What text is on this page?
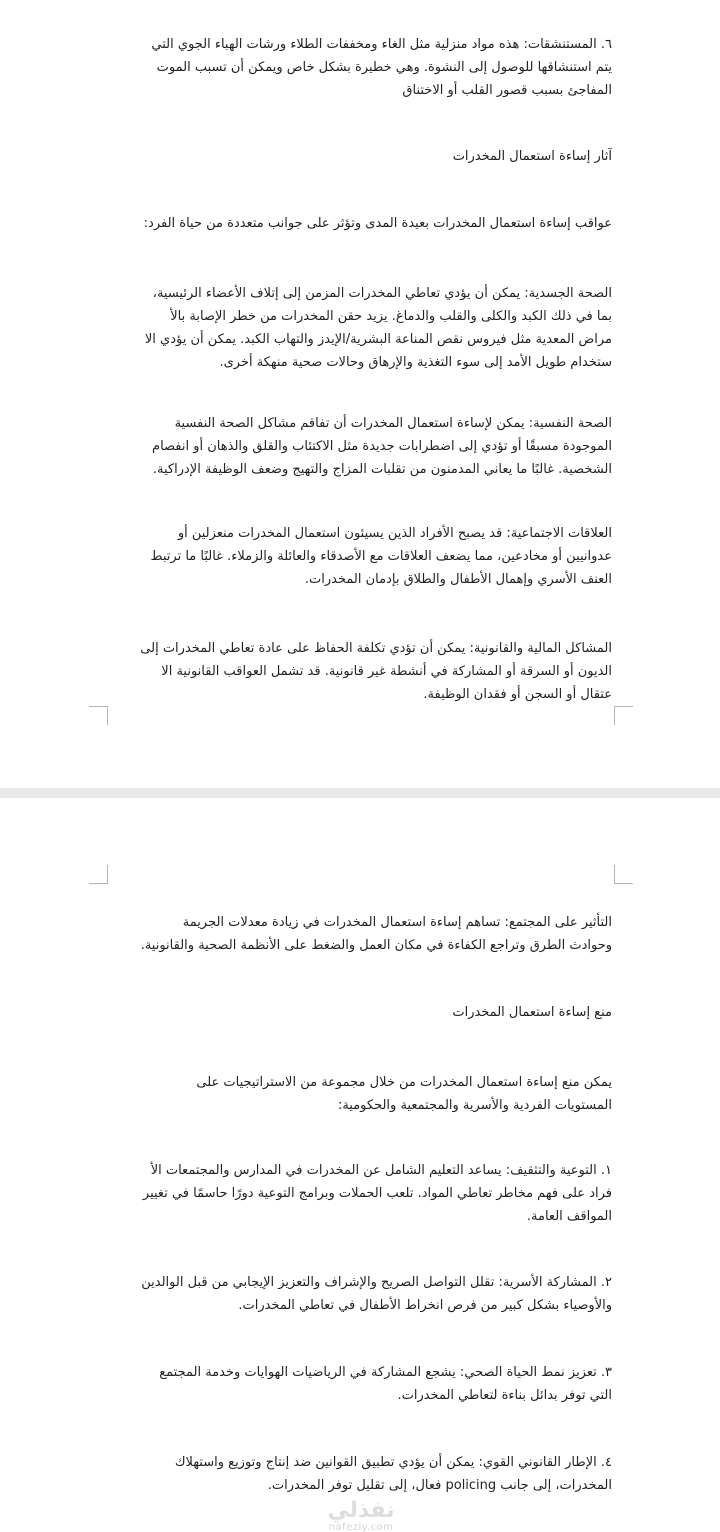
٦. المستنشقات: هذه مواد منزلية مثل الغاء ومخففات الطلاء ورشات الهباء الجوي التي
يتم استنشاقها للوصول إلى النشوة. وهي خطيرة بشكل خاص ويمكن أن تسبب الموت
المفاجئ بسبب قصور القلب أو الاختناق

آثار إساءة استعمال المخدرات

عواقب إساءة استعمال المخدرات بعيدة المدى وتؤثر على جوانب متعددة من حياة الفرد:

الصحة الجسدية: يمكن أن يؤدي تعاطي المخدرات المزمن إلى إتلاف الأعضاء الرئيسية،
بما في ذلك الكبد والكلى والقلب والدماغ. يزيد حقن المخدرات من خطر الإصابة بالأ
مراض المعدية مثل فيروس نقص المناعة البشرية/الإيدز والتهاب الكبد. يمكن أن يؤدي الا
ستخدام طويل الأمد إلى سوء التغذية والإرهاق وحالات صحية منهكة أخرى.

الصحة النفسية: يمكن لإساءة استعمال المخدرات أن تفاقم مشاكل الصحة النفسية
الموجودة مسبقًا أو تؤدي إلى اضطرابات جديدة مثل الاكتئاب والقلق والذهان أو انفصام
الشخصية. غالبًا ما يعاني المدمنون من تقلبات المزاج والتهيج وضعف الوظيفة الإدراكية.

العلاقات الاجتماعية: قد يصبح الأفراد الذين يسيئون استعمال المخدرات منعزلين أو
عدوانيين أو مخادعين، مما يضعف العلاقات مع الأصدقاء والعائلة والزملاء. غالبًا ما ترتبط
العنف الأسري وإهمال الأطفال والطلاق بإدمان المخدرات.

المشاكل المالية والقانونية: يمكن أن تؤدي تكلفة الحفاظ على عادة تعاطي المخدرات إلى
الديون أو السرقة أو المشاركة في أنشطة غير قانونية. قد تشمل العواقب القانونية الا
عتقال أو السجن أو فقدان الوظيفة.

التأثير على المجتمع: تساهم إساءة استعمال المخدرات في زيادة معدلات الجريمة
وحوادث الطرق وتراجع الكفاءة في مكان العمل والضغط على الأنظمة الصحية والقانونية.

منع إساءة استعمال المخدرات

يمكن منع إساءة استعمال المخدرات من خلال مجموعة من الاستراتيجيات على
المستويات الفردية والأسرية والمجتمعية والحكومية:

١. التوعية والتثقيف: يساعد التعليم الشامل عن المخدرات في المدارس والمجتمعات الأ
فراد على فهم مخاطر تعاطي المواد. تلعب الحملات وبرامج التوعية دورًا حاسمًا في تغيير
المواقف العامة.

٢. المشاركة الأسرية: تقلل التواصل الصريح والإشراف والتعزيز الإيجابي من قبل الوالدين
والأوصياء بشكل كبير من فرص انخراط الأطفال في تعاطي المخدرات.

٣. تعزيز نمط الحياة الصحي: يشجع المشاركة في الرياضيات الهوايات وخدمة المجتمع
التي توفر بدائل بناءة لتعاطي المخدرات.

٤. الإطار القانوني القوي: يمكن أن يؤدي تطبيق القوانين ضد إنتاج وتوزيع واستهلاك
المخدرات، إلى جانب policing فعال، إلى تقليل توفر المخدرات.

نفذلي
nafezly.com
